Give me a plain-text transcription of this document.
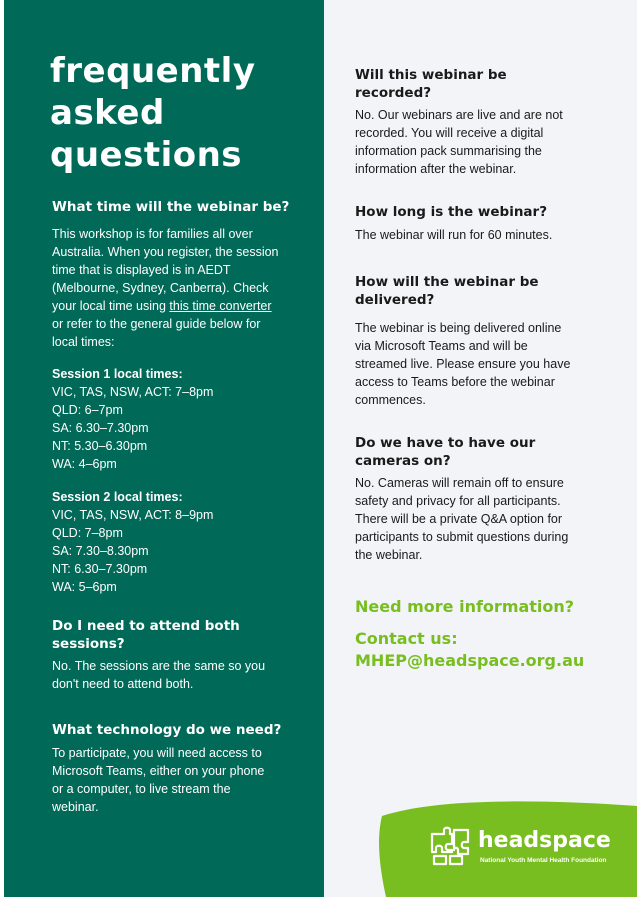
frequently
asked
questions
What time will the webinar be?
This workshop is for families all over
Australia. When you register, the session
time that is displayed is in AEDT
(Melbourne, Sydney, Canberra). Check
your local time using this time converter
or refer to the general guide below for
local times:
Session 1 local times:
VIC, TAS, NSW, ACT: 7–8pm
QLD: 6–7pm
SA: 6.30–7.30pm
NT: 5.30–6.30pm
WA: 4–6pm
Session 2 local times:
VIC, TAS, NSW, ACT: 8–9pm
QLD: 7–8pm
SA: 7.30–8.30pm
NT: 6.30–7.30pm
WA: 5–6pm
Do I need to attend both
sessions?
No. The sessions are the same so you
don't need to attend both.
What technology do we need?
To participate, you will need access to
Microsoft Teams, either on your phone
or a computer, to live stream the
webinar.
Will this webinar be
recorded?
No. Our webinars are live and are not
recorded. You will receive a digital
information pack summarising the
information after the webinar.
How long is the webinar?
The webinar will run for 60 minutes.
How will the webinar be
delivered?
The webinar is being delivered online
via Microsoft Teams and will be
streamed live. Please ensure you have
access to Teams before the webinar
commences.
Do we have to have our
cameras on?
No. Cameras will remain off to ensure
safety and privacy for all participants.
There will be a private Q&A option for
participants to submit questions during
the webinar.
Need more information?
Contact us:
MHEP@headspace.org.au
headspace
National Youth Mental Health Foundation
